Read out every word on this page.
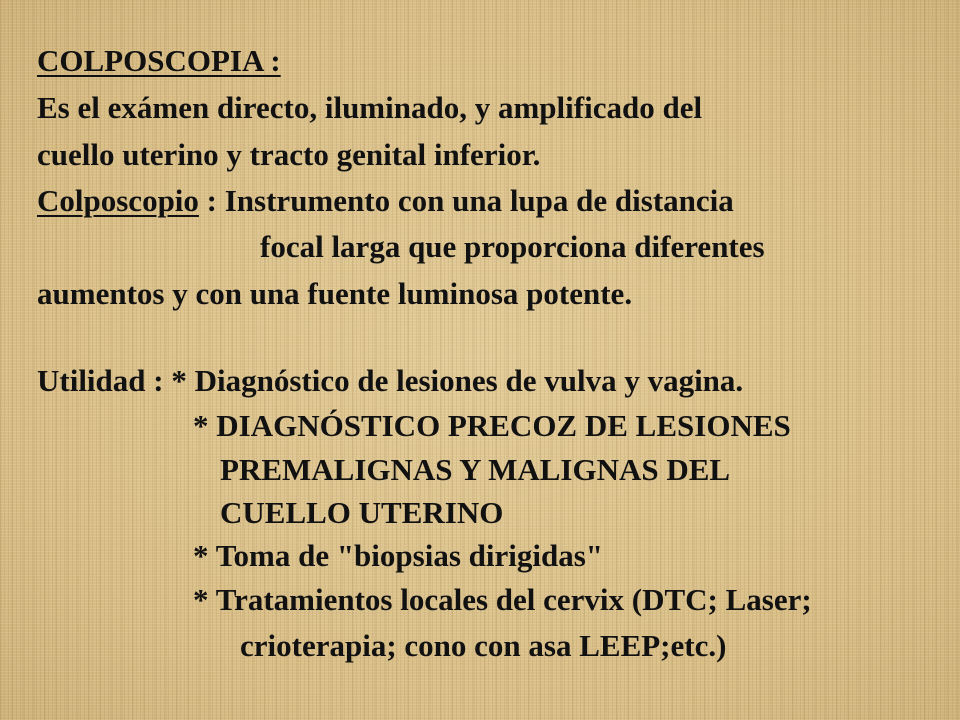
COLPOSCOPIA :
Es el exámen directo, iluminado, y amplificado del
cuello uterino y tracto genital inferior.
Colposcopio : Instrumento con una lupa de distancia
focal larga que proporciona diferentes
aumentos y con una fuente luminosa potente.
Utilidad : * Diagnóstico de lesiones de vulva y vagina.
* DIAGNÓSTICO PRECOZ DE LESIONES
PREMALIGNAS Y MALIGNAS DEL
CUELLO UTERINO
* Toma de "biopsias dirigidas"
* Tratamientos locales del cervix (DTC; Laser;
crioterapia; cono con asa LEEP;etc.)
